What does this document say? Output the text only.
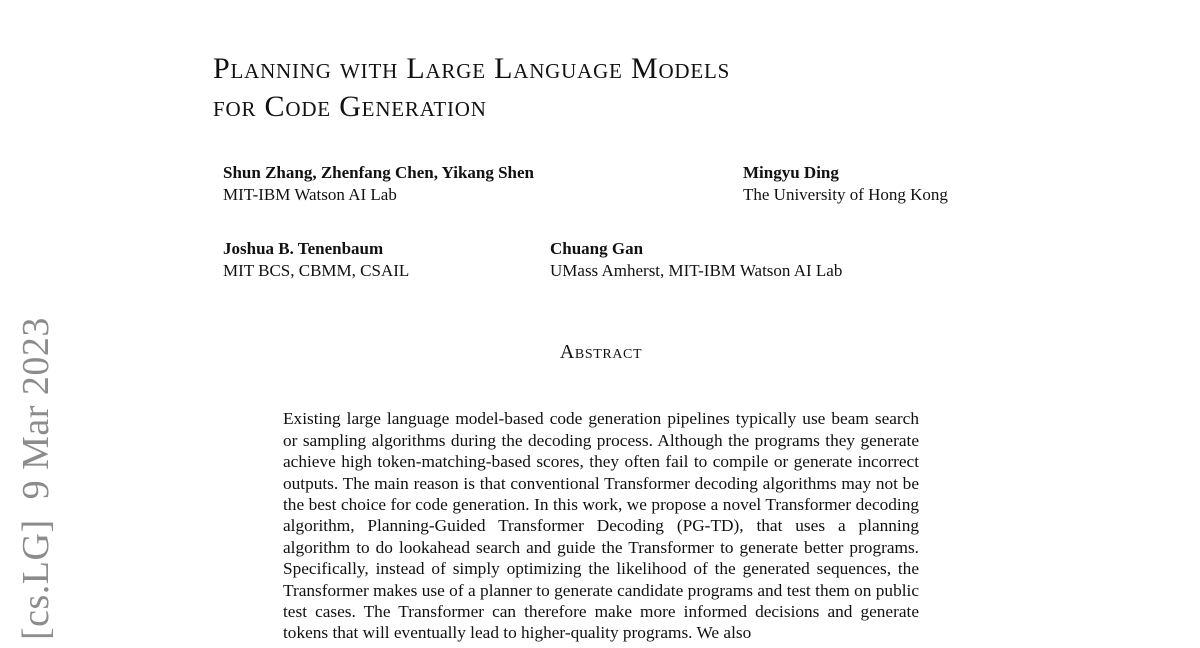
[cs.LG]  9 Mar 2023
Planning with Large Language Models
for Code Generation
Shun Zhang, Zhenfang Chen, Yikang Shen
MIT-IBM Watson AI Lab
Mingyu Ding
The University of Hong Kong
Joshua B. Tenenbaum
MIT BCS, CBMM, CSAIL
Chuang Gan
UMass Amherst, MIT-IBM Watson AI Lab
Abstract

Existing large language model-based code generation pipelines typically use beam search or sampling algorithms during the decoding process. Although the programs they generate achieve high token-matching-based scores, they often fail to compile or generate incorrect outputs. The main reason is that conventional Transformer decoding algorithms may not be the best choice for code generation. In this work, we propose a novel Transformer decoding algorithm, Planning-Guided Transformer Decoding (PG-TD), that uses a planning algorithm to do lookahead search and guide the Transformer to generate better programs. Specifically, instead of simply optimizing the likelihood of the generated sequences, the Transformer makes use of a planner to generate candidate programs and test them on public test cases. The Transformer can therefore make more informed decisions and generate tokens that will eventually lead to higher-quality programs. We also
